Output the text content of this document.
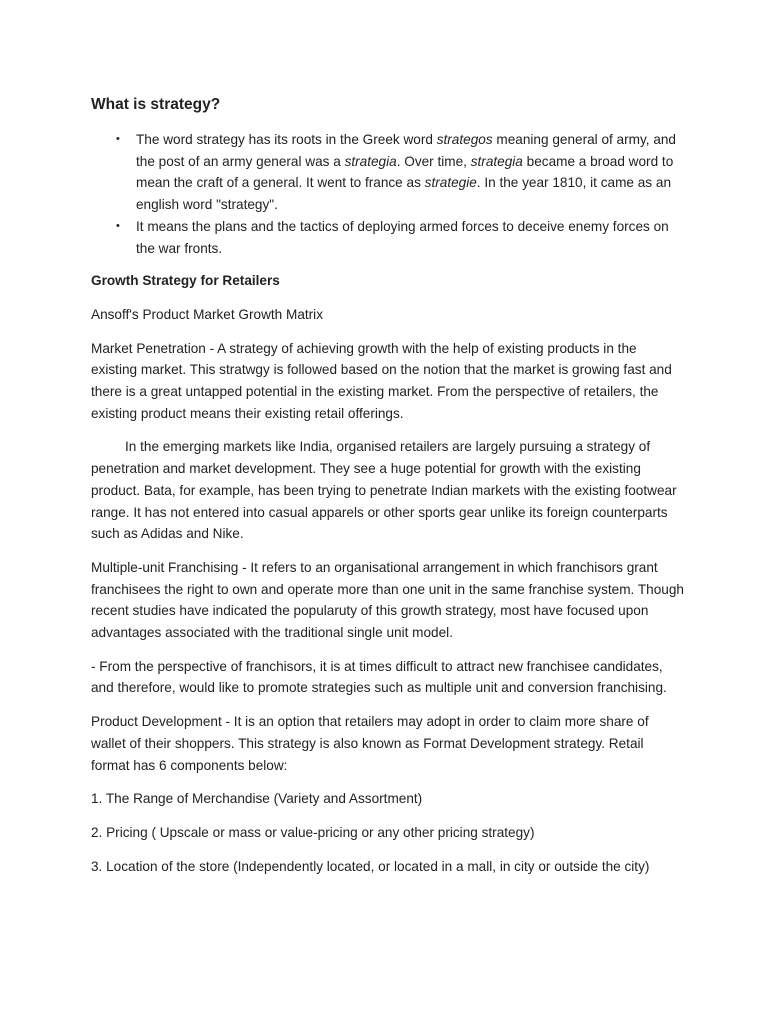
What is strategy?
• The word strategy has its roots in the Greek word strategos meaning general of army, and the post of an army general was a strategia. Over time, strategia became a broad word to mean the craft of a general. It went to france as strategie. In the year 1810, it came as an english word "strategy".
• It means the plans and the tactics of deploying armed forces to deceive enemy forces on the war fronts.

Growth Strategy for Retailers

Ansoff's Product Market Growth Matrix

Market Penetration - A strategy of achieving growth with the help of existing products in the existing market. This stratwgy is followed based on the notion that the market is growing fast and there is a great untapped potential in the existing market. From the perspective of retailers, the existing product means their existing retail offerings.

In the emerging markets like India, organised retailers are largely pursuing a strategy of penetration and market development. They see a huge potential for growth with the existing product. Bata, for example, has been trying to penetrate Indian markets with the existing footwear range. It has not entered into casual apparels or other sports gear unlike its foreign counterparts such as Adidas and Nike.

Multiple-unit Franchising - It refers to an organisational arrangement in which franchisors grant franchisees the right to own and operate more than one unit in the same franchise system. Though recent studies have indicated the popularuty of this growth strategy, most have focused upon advantages associated with the traditional single unit model.

- From the perspective of franchisors, it is at times difficult to attract new franchisee candidates, and therefore, would like to promote strategies such as multiple unit and conversion franchising.

Product Development - It is an option that retailers may adopt in order to claim more share of wallet of their shoppers. This strategy is also known as Format Development strategy. Retail format has 6 components below:

1. The Range of Merchandise (Variety and Assortment)

2. Pricing ( Upscale or mass or value-pricing or any other pricing strategy)

3. Location of the store (Independently located, or located in a mall, in city or outside the city)
